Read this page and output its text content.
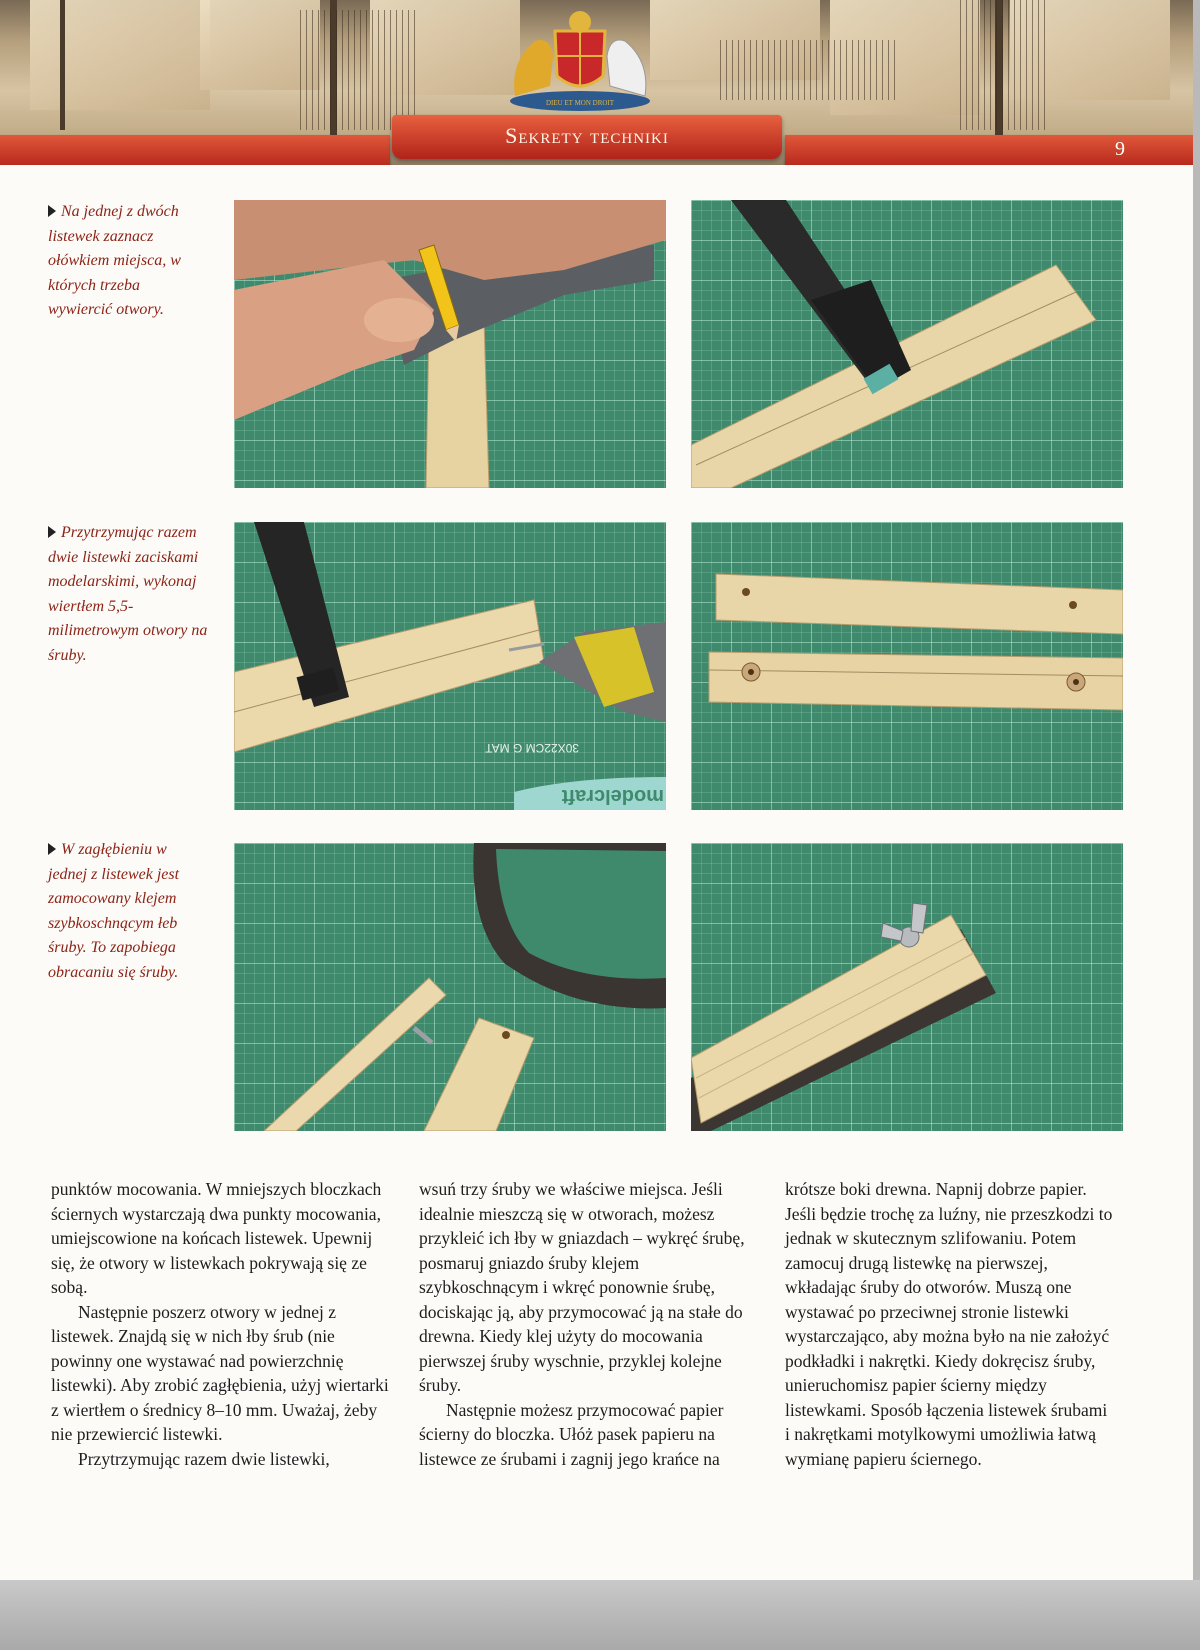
DIEU ET MON DROIT
Sekrety techniki
9
Na jednej z dwóch listewek zaznacz ołówkiem miejsca, w których trzeba wywiercić otwory.
Przytrzymując razem dwie listewki zaciskami modelarskimi, wykonaj wiertłem 5,5-milimetrowym otwory na śruby.
W zagłębieniu w jednej z listewek jest zamocowany klejem szybkoschnącym łeb śruby. To zapobiega obracaniu się śruby.
30X22CM G MAT
modelcraft

punktów mocowania. W mniejszych bloczkach ściernych wystarczają dwa punkty mocowania, umiejscowione na końcach listewek. Upewnij się, że otwory w listewkach pokrywają się ze sobą.

Następnie poszerz otwory w jednej z listewek. Znajdą się w nich łby śrub (nie powinny one wystawać nad powierzchnię listewki). Aby zrobić zagłębienia, użyj wiertarki z wiertłem o średnicy 8–10 mm. Uważaj, żeby nie przewiercić listewki.

Przytrzymując razem dwie listewki,

wsuń trzy śruby we właściwe miejsca. Jeśli idealnie mieszczą się w otworach, możesz przykleić ich łby w gniazdach – wykręć śrubę, posmaruj gniazdo śruby klejem szybkoschnącym i wkręć ponownie śrubę, dociskając ją, aby przymocować ją na stałe do drewna. Kiedy klej użyty do mocowania pierwszej śruby wyschnie, przyklej kolejne śruby.

Następnie możesz przymocować papier ścierny do bloczka. Ułóż pasek papieru na listewce ze śrubami i zagnij jego krańce na

krótsze boki drewna. Napnij dobrze papier. Jeśli będzie trochę za luźny, nie przeszkodzi to jednak w skutecznym szlifowaniu. Potem zamocuj drugą listewkę na pierwszej, wkładając śruby do otworów. Muszą one wystawać po przeciwnej stronie listewki wystarczająco, aby można było na nie założyć podkładki i nakrętki. Kiedy dokręcisz śruby, unieruchomisz papier ścierny między listewkami. Sposób łączenia listewek śrubami i nakrętkami motylkowymi umożliwia łatwą wymianę papieru ściernego.
